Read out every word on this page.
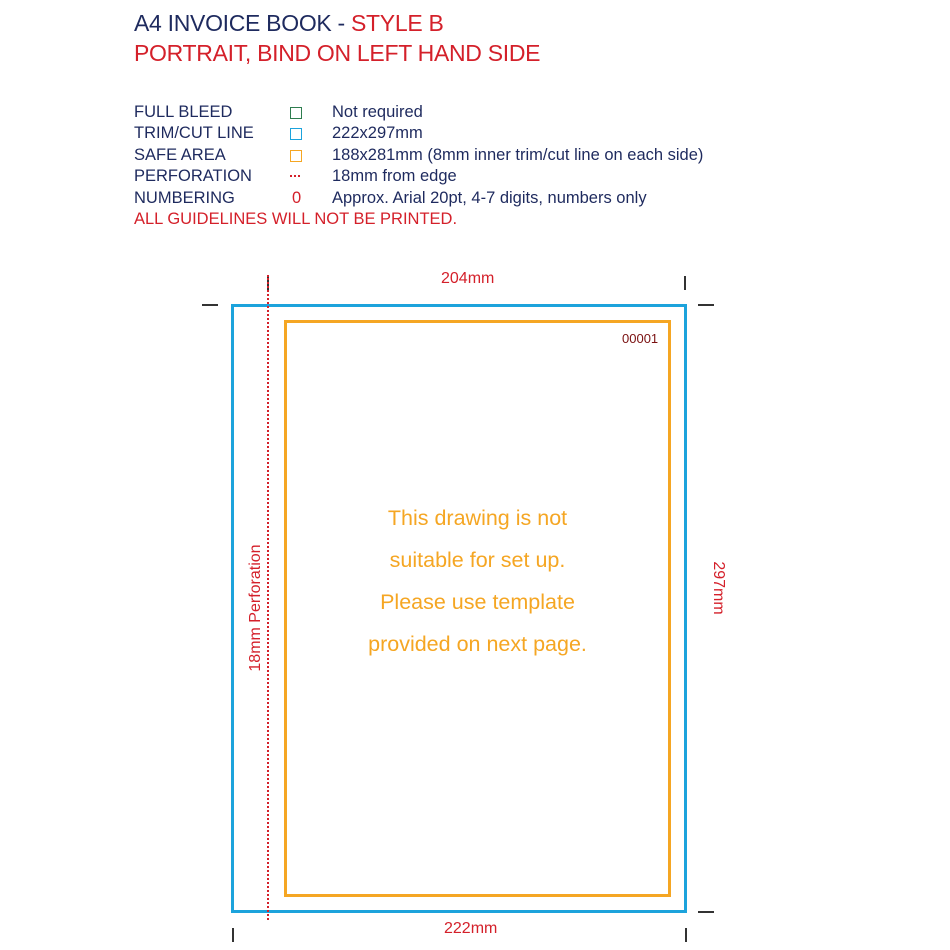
A4 INVOICE BOOK - STYLE B
PORTRAIT, BIND ON LEFT HAND SIDE
FULL BLEED	Not required
TRIM/CUT LINE	222x297mm
SAFE AREA	188x281mm (8mm inner trim/cut line on each side)
PERFORATION	18mm from edge
NUMBERING	0 Approx. Arial 20pt, 4-7 digits, numbers only
ALL GUIDELINES WILL NOT BE PRINTED.
204mm
00001
This drawing is not
suitable for set up.
Please use template
provided on next page.
297mm
18mm Perforation
222mm
